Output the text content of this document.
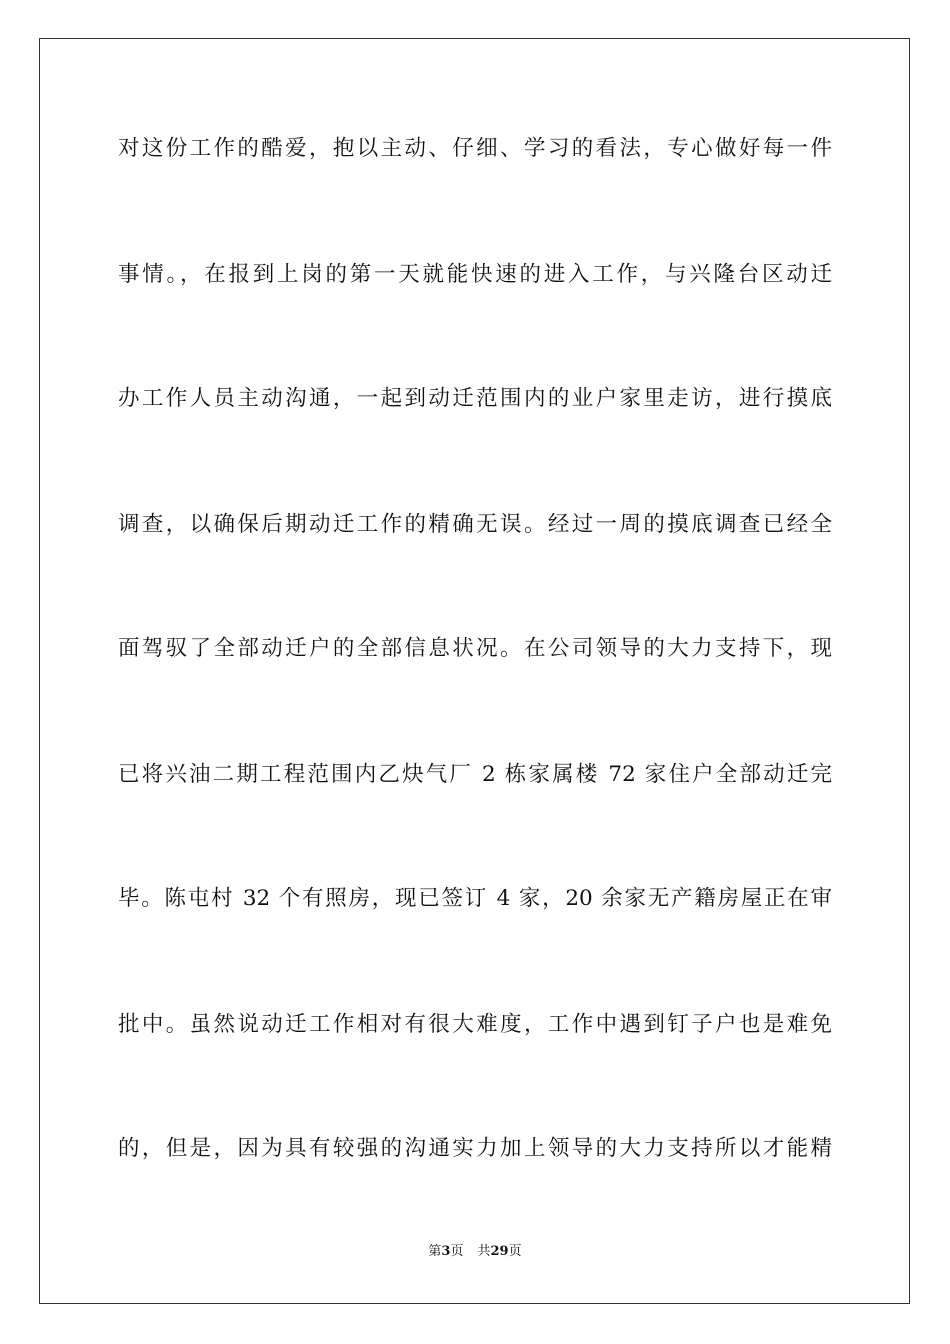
对这份工作的酷爱，抱以主动、仔细、学习的看法，专心做好每一件
事情。，在报到上岗的第一天就能快速的进入工作，与兴隆台区动迁
办工作人员主动沟通，一起到动迁范围内的业户家里走访，进行摸底
调查，以确保后期动迁工作的精确无误。经过一周的摸底调查已经全
面驾驭了全部动迁户的全部信息状况。在公司领导的大力支持下，现
已将兴油二期工程范围内乙炔气厂 2 栋家属楼 72 家住户全部动迁完
毕。陈屯村 32 个有照房，现已签订 4 家，20 余家无产籍房屋正在审
批中。虽然说动迁工作相对有很大难度，工作中遇到钉子户也是难免
的，但是，因为具有较强的沟通实力加上领导的大力支持所以才能精
第3页 共29页
